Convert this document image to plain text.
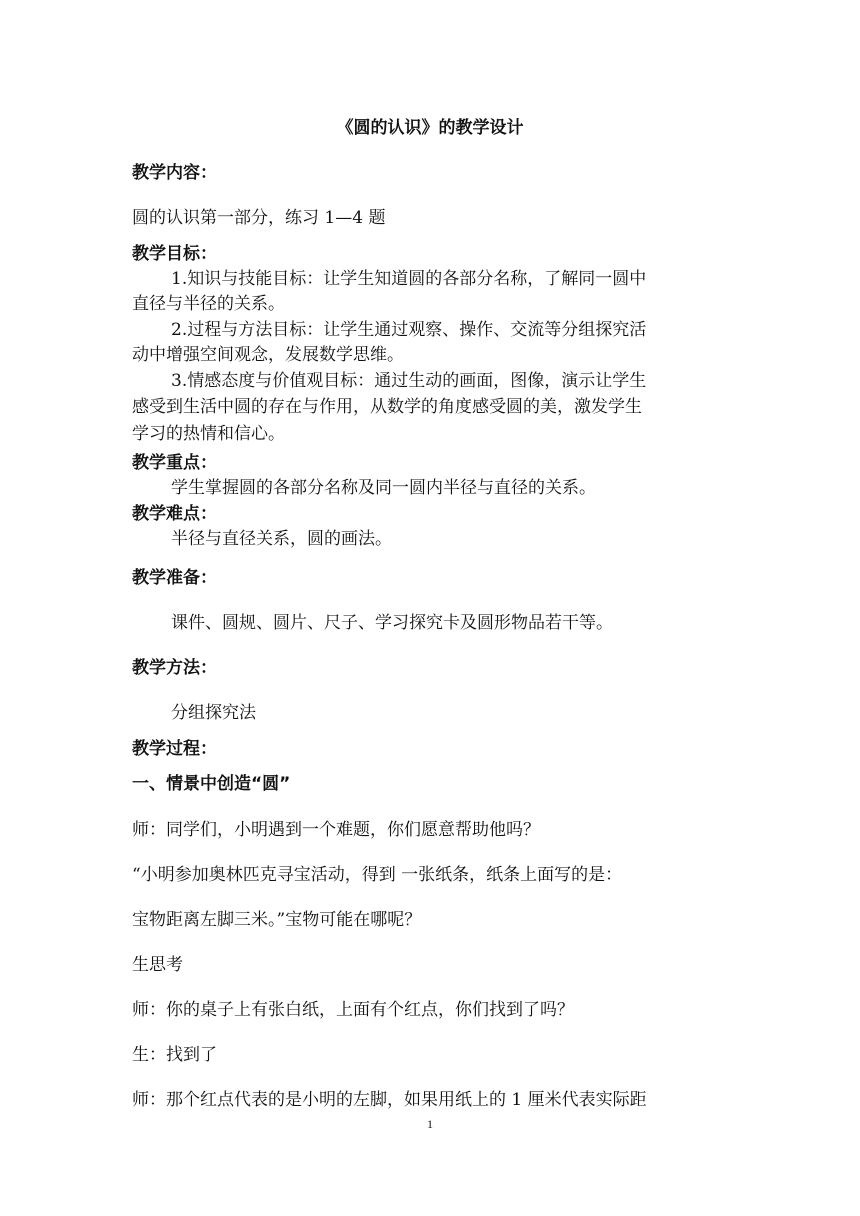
《圆的认识》的教学设计
教学内容：
圆的认识第一部分，练习 1—4 题
教学目标：
1.知识与技能目标：让学生知道圆的各部分名称，了解同一圆中
直径与半径的关系。
2.过程与方法目标：让学生通过观察、操作、交流等分组探究活
动中增强空间观念，发展数学思维。
3.情感态度与价值观目标：通过生动的画面，图像，演示让学生
感受到生活中圆的存在与作用，从数学的角度感受圆的美，激发学生
学习的热情和信心。
教学重点：
学生掌握圆的各部分名称及同一圆内半径与直径的关系。
教学难点：
半径与直径关系，圆的画法。
教学准备：
课件、圆规、圆片、尺子、学习探究卡及圆形物品若干等。
教学方法：
分组探究法
教学过程：
一、情景中创造“圆”
师：同学们，小明遇到一个难题，你们愿意帮助他吗？
“小明参加奥林匹克寻宝活动，得到 一张纸条，纸条上面写的是：
宝物距离左脚三米。”宝物可能在哪呢？
生思考
师：你的桌子上有张白纸，上面有个红点，你们找到了吗？
生：找到了
师：那个红点代表的是小明的左脚，如果用纸上的 1 厘米代表实际距
1
